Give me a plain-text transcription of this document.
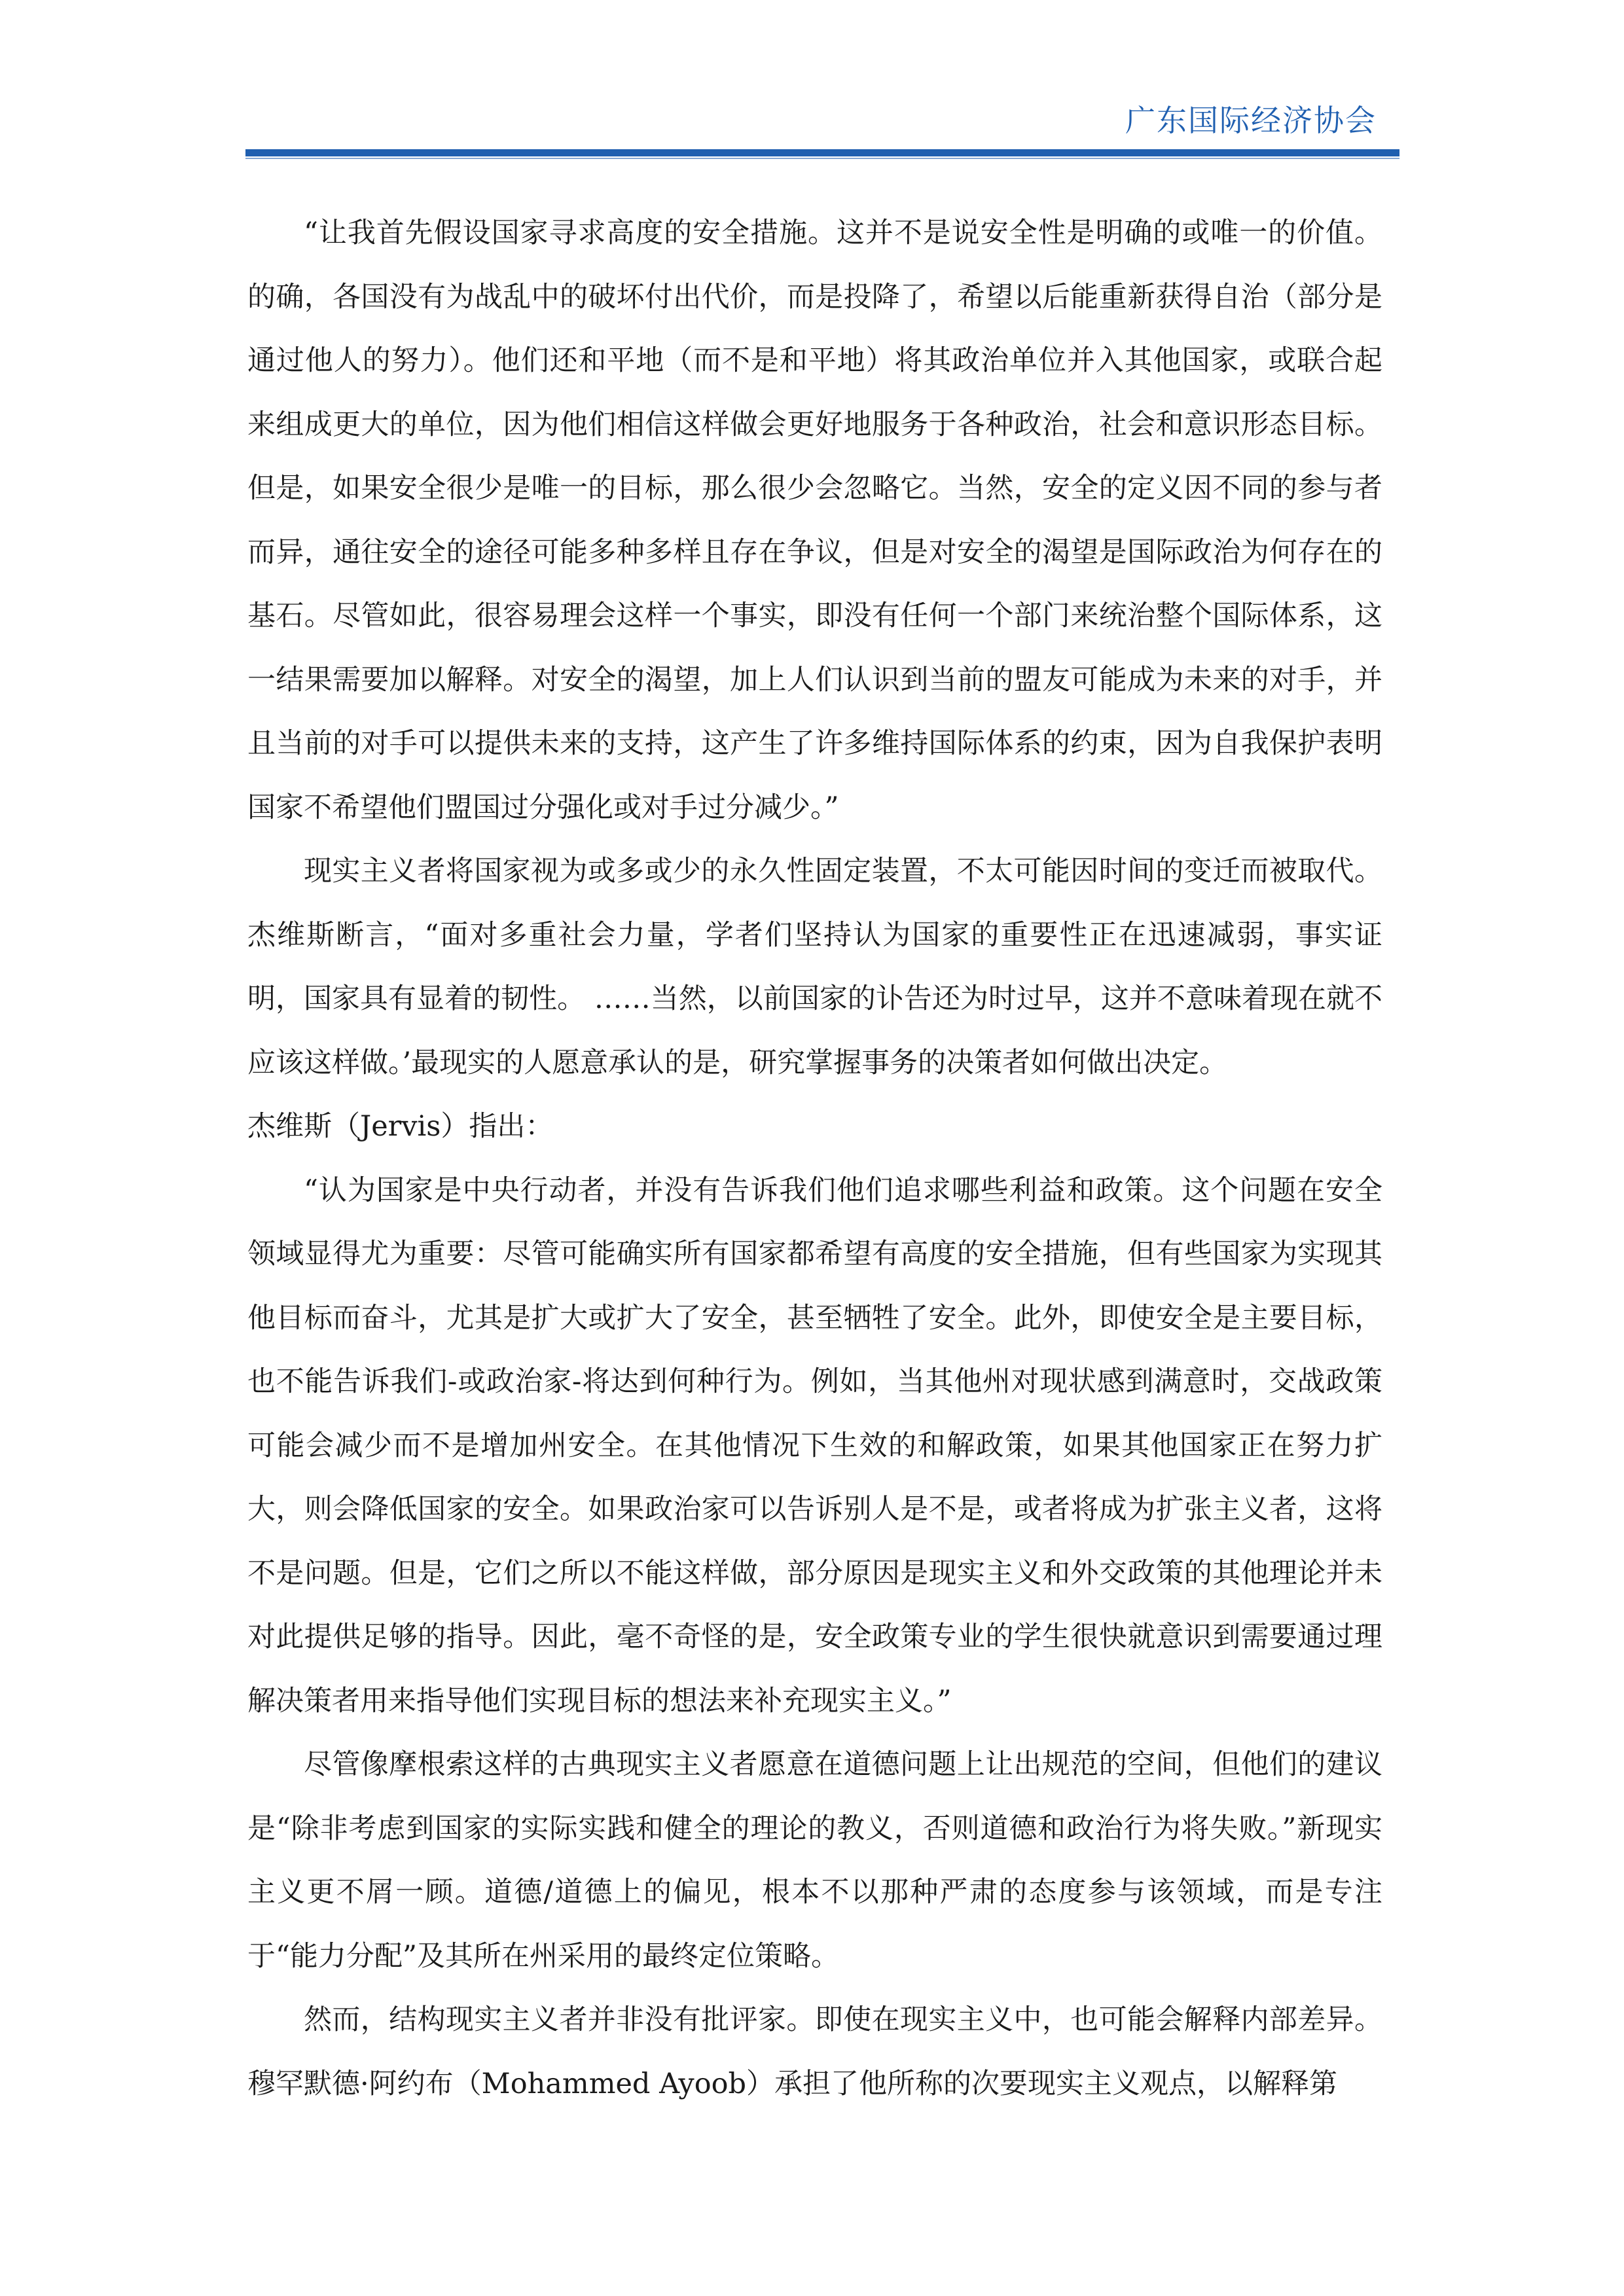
广东国际经济协会

“让我首先假设国家寻求高度的安全措施。这并不是说安全性是明确的或唯一的价值。的确，各国没有为战乱中的破坏付出代价，而是投降了，希望以后能重新获得自治（部分是通过他人的努力）。他们还和平地（而不是和平地）将其政治单位并入其他国家，或联合起来组成更大的单位，因为他们相信这样做会更好地服务于各种政治，社会和意识形态目标。但是，如果安全很少是唯一的目标，那么很少会忽略它。当然，安全的定义因不同的参与者而异，通往安全的途径可能多种多样且存在争议，但是对安全的渴望是国际政治为何存在的基石。尽管如此，很容易理会这样一个事实，即没有任何一个部门来统治整个国际体系，这一结果需要加以解释。对安全的渴望，加上人们认识到当前的盟友可能成为未来的对手，并且当前的对手可以提供未来的支持，这产生了许多维持国际体系的约束，因为自我保护表明国家不希望他们盟国过分强化或对手过分减少。”

现实主义者将国家视为或多或少的永久性固定装置，不太可能因时间的变迁而被取代。 杰维斯断言，“面对多重社会力量，学者们坚持认为国家的重要性正在迅速减弱，事实证明，国家具有显着的韧性。 ……当然，以前国家的讣告还为时过早，这并不意味着现在就不应该这样做。’最现实的人愿意承认的是，研究掌握事务的决策者如何做出决定。

杰维斯（Jervis）指出：

“认为国家是中央行动者，并没有告诉我们他们追求哪些利益和政策。这个问题在安全领域显得尤为重要：尽管可能确实所有国家都希望有高度的安全措施，但有些国家为实现其他目标而奋斗，尤其是扩大或扩大了安全，甚至牺牲了安全。此外，即使安全是主要目标，也不能告诉我们-或政治家-将达到何种行为。例如，当其他州对现状感到满意时，交战政策可能会减少而不是增加州安全。在其他情况下生效的和解政策，如果其他国家正在努力扩大，则会降低国家的安全。如果政治家可以告诉别人是不是，或者将成为扩张主义者，这将不是问题。但是，它们之所以不能这样做，部分原因是现实主义和外交政策的其他理论并未对此提供足够的指导。因此，毫不奇怪的是，安全政策专业的学生很快就意识到需要通过理解决策者用来指导他们实现目标的想法来补充现实主义。”

尽管像摩根索这样的古典现实主义者愿意在道德问题上让出规范的空间，但他们的建议是“除非考虑到国家的实际实践和健全的理论的教义，否则道德和政治行为将失败。”新现实主义更不屑一顾。道德/道德上的偏见，根本不以那种严肃的态度参与该领域，而是专注于“能力分配”及其所在州采用的最终定位策略。

然而，结构现实主义者并非没有批评家。即使在现实主义中，也可能会解释内部差异。穆罕默德·阿约布（Mohammed Ayoob）承担了他所称的次要现实主义观点，以解释第
